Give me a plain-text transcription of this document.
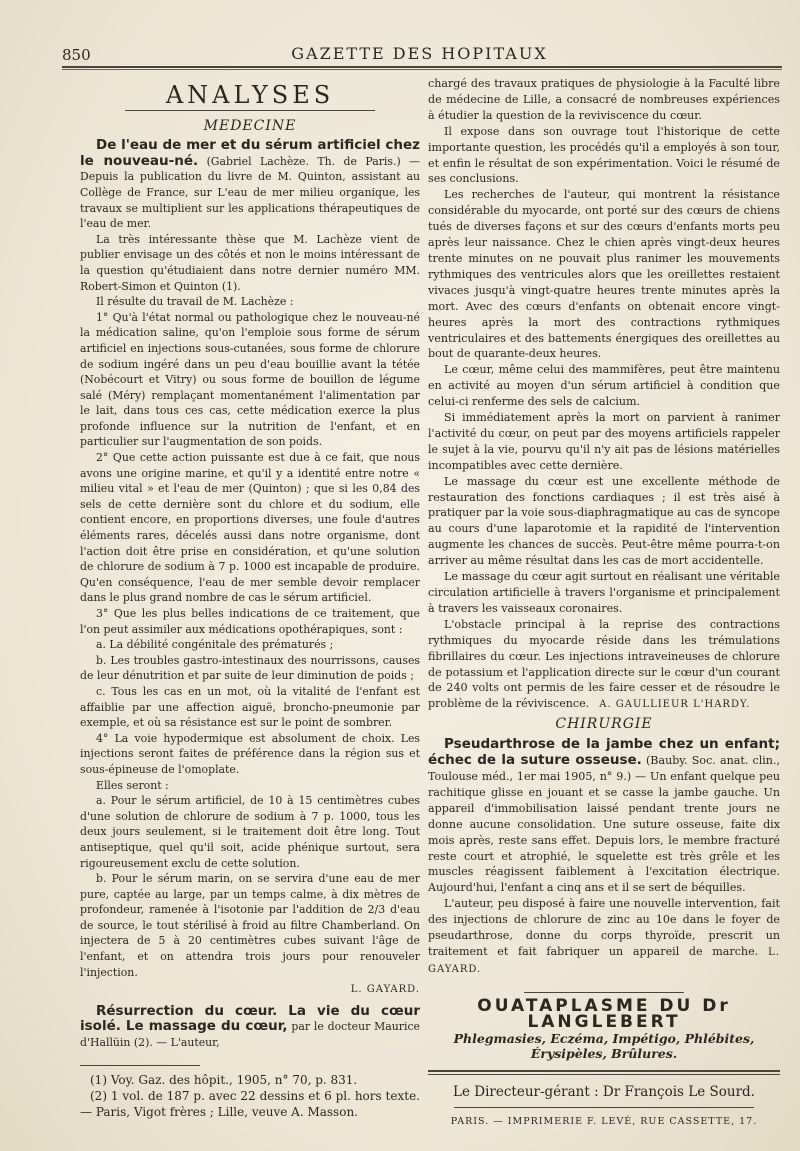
850	GAZETTE DES HOPITAUX
ANALYSES
MEDECINE

De l'eau de mer et du sérum artificiel chez le nouveau-né. (Gabriel Lachèze. Th. de Paris.) — Depuis la publication du livre de M. Quinton, assistant au Collège de France, sur L'eau de mer milieu organique, les travaux se multiplient sur les applications thérapeutiques de l'eau de mer.

La très intéressante thèse que M. Lachèze vient de publier envisage un des côtés et non le moins intéressant de la question qu'étudiaient dans notre dernier numéro MM. Robert-Simon et Quinton (1).

Il résulte du travail de M. Lachèze :

1° Qu'à l'état normal ou pathologique chez le nouveau-né la médication saline, qu'on l'emploie sous forme de sérum artificiel en injections sous-cutanées, sous forme de chlorure de sodium ingéré dans un peu d'eau bouillie avant la tétée (Nobécourt et Vitry) ou sous forme de bouillon de légume salé (Méry) remplaçant momentanément l'alimentation par le lait, dans tous ces cas, cette médication exerce la plus profonde influence sur la nutrition de l'enfant, et en particulier sur l'augmentation de son poids.

2° Que cette action puissante est due à ce fait, que nous avons une origine marine, et qu'il y a identité entre notre « milieu vital » et l'eau de mer (Quinton) ; que si les 0,84 des sels de cette dernière sont du chlore et du sodium, elle contient encore, en proportions diverses, une foule d'autres éléments rares, décelés aussi dans notre organisme, dont l'action doit être prise en considération, et qu'une solution de chlorure de sodium à 7 p. 1000 est incapable de produire. Qu'en conséquence, l'eau de mer semble devoir remplacer dans le plus grand nombre de cas le sérum artificiel.

3° Que les plus belles indications de ce traitement, que l'on peut assimiler aux médications opothérapiques, sont :

a. La débilité congénitale des prématurés ;

b. Les troubles gastro-intestinaux des nourrissons, causes de leur dénutrition et par suite de leur diminution de poids ;

c. Tous les cas en un mot, où la vitalité de l'enfant est affaiblie par une affection aiguë, broncho-pneumonie par exemple, et où sa résistance est sur le point de sombrer.

4° La voie hypodermique est absolument de choix. Les injections seront faites de préférence dans la région sus et sous-épineuse de l'omoplate.

Elles seront :

a. Pour le sérum artificiel, de 10 à 15 centimètres cubes d'une solution de chlorure de sodium à 7 p. 1000, tous les deux jours seulement, si le traitement doit être long. Tout antiseptique, quel qu'il soit, acide phénique surtout, sera rigoureusement exclu de cette solution.

b. Pour le sérum marin, on se servira d'une eau de mer pure, captée au large, par un temps calme, à dix mètres de profondeur, ramenée à l'isotonie par l'addition de 2/3 d'eau de source, le tout stérilisé à froid au filtre Chamberland. On injectera de 5 à 20 centimètres cubes suivant l'âge de l'enfant, et on attendra trois jours pour renouveler l'injection.

L. GAYARD.

Résurrection du cœur. La vie du cœur isolé. Le massage du cœur, par le docteur Maurice d'Hallüin (2). — L'auteur,

(1) Voy. Gaz. des hôpit., 1905, n° 70, p. 831.

(2) 1 vol. de 187 p. avec 22 dessins et 6 pl. hors texte. — Paris, Vigot frères ; Lille, veuve A. Masson.

chargé des travaux pratiques de physiologie à la Faculté libre de médecine de Lille, a consacré de nombreuses expériences à étudier la question de la reviviscence du cœur.

Il expose dans son ouvrage tout l'historique de cette importante question, les procédés qu'il a employés à son tour, et enfin le résultat de son expérimentation. Voici le résumé de ses conclusions.

Les recherches de l'auteur, qui montrent la résistance considérable du myocarde, ont porté sur des cœurs de chiens tués de diverses façons et sur des cœurs d'enfants morts peu après leur naissance. Chez le chien après vingt-deux heures trente minutes on ne pouvait plus ranimer les mouvements rythmiques des ventricules alors que les oreillettes restaient vivaces jusqu'à vingt-quatre heures trente minutes après la mort. Avec des cœurs d'enfants on obtenait encore vingt-heures après la mort des contractions rythmiques ventriculaires et des battements énergiques des oreillettes au bout de quarante-deux heures.

Le cœur, même celui des mammifères, peut être maintenu en activité au moyen d'un sérum artificiel à condition que celui-ci renferme des sels de calcium.

Si immédiatement après la mort on parvient à ranimer l'activité du cœur, on peut par des moyens artificiels rappeler le sujet à la vie, pourvu qu'il n'y ait pas de lésions matérielles incompatibles avec cette dernière.

Le massage du cœur est une excellente méthode de restauration des fonctions cardiaques ; il est très aisé à pratiquer par la voie sous-diaphragmatique au cas de syncope au cours d'une laparotomie et la rapidité de l'intervention augmente les chances de succès. Peut-être même pourra-t-on arriver au même résultat dans les cas de mort accidentelle.

Le massage du cœur agit surtout en réalisant une véritable circulation artificielle à travers l'organisme et principalement à travers les vaisseaux coronaires.

L'obstacle principal à la reprise des contractions rythmiques du myocarde réside dans les trémulations fibrillaires du cœur. Les injections intraveineuses de chlorure de potassium et l'application directe sur le cœur d'un courant de 240 volts ont permis de les faire cesser et de résoudre le problème de la réviviscence. A. GAULLIEUR L'HARDY.

CHIRURGIE

Pseudarthrose de la jambe chez un enfant; échec de la suture osseuse. (Bauby. Soc. anat. clin., Toulouse méd., 1er mai 1905, n° 9.) — Un enfant quelque peu rachitique glisse en jouant et se casse la jambe gauche. Un appareil d'immobilisation laissé pendant trente jours ne donne aucune consolidation. Une suture osseuse, faite dix mois après, reste sans effet. Depuis lors, le membre fracturé reste court et atrophié, le squelette est très grêle et les muscles réagissent faiblement à l'excitation électrique. Aujourd'hui, l'enfant a cinq ans et il se sert de béquilles.

L'auteur, peu disposé à faire une nouvelle intervention, fait des injections de chlorure de zinc au 10e dans le foyer de pseudarthrose, donne du corps thyroïde, prescrit un traitement et fait fabriquer un appareil de marche. L. GAYARD.

OUATAPLASME DU Dr LANGLEBERT
Phlegmasies, Eczéma, Impétigo, Phlébites, Érysipèles, Brûlures.
Le Directeur-gérant : Dr François Le Sourd.
PARIS. — IMPRIMERIE F. LEVÉ, RUE CASSETTE, 17.
